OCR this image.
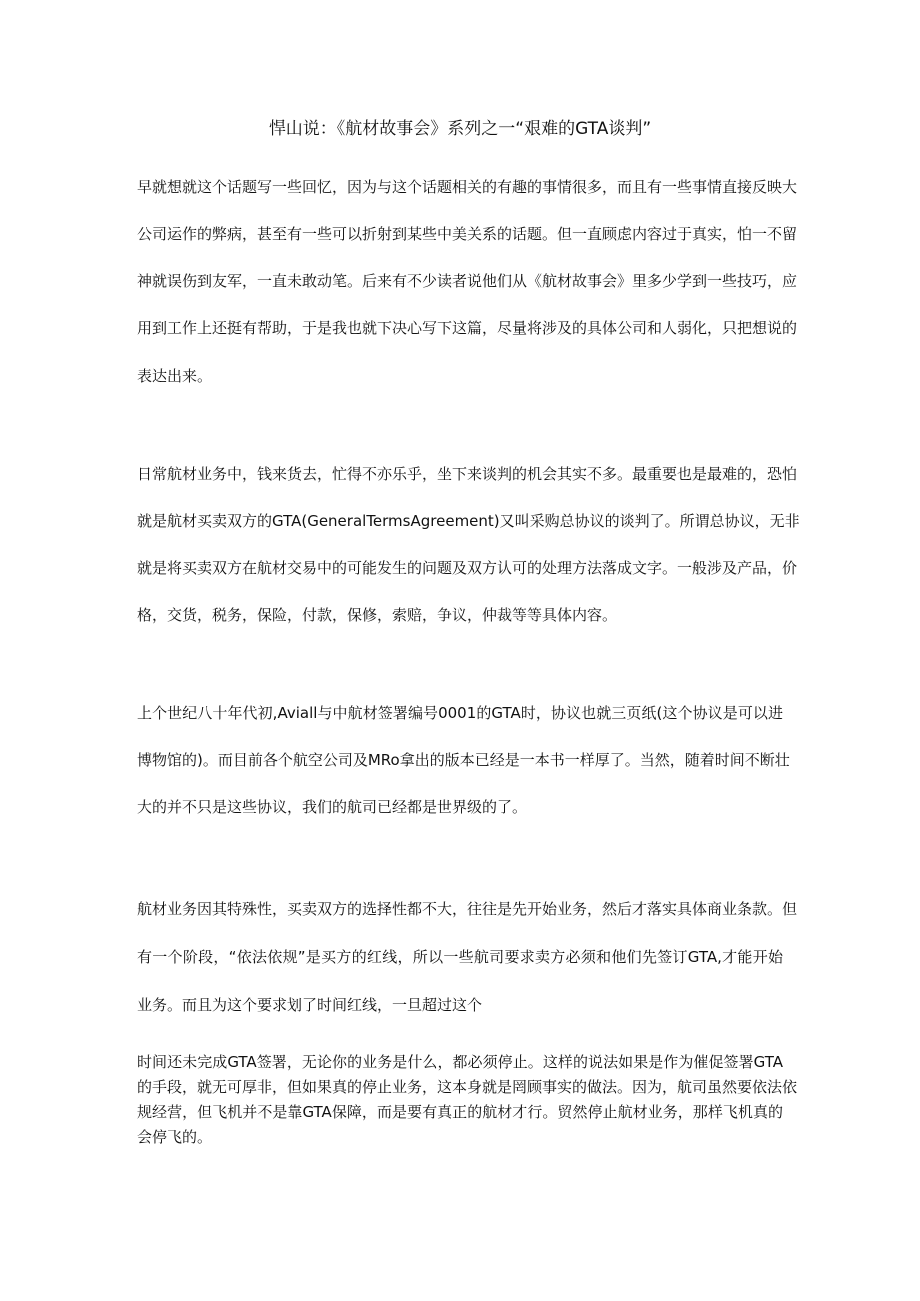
悍山说：《航材故事会》系列之一“艰难的GTA谈判”
早就想就这个话题写一些回忆，因为与这个话题相关的有趣的事情很多，而且有一些事情直接反映大
公司运作的弊病，甚至有一些可以折射到某些中美关系的话题。但一直顾虑内容过于真实，怕一不留
神就误伤到友军，一直未敢动笔。后来有不少读者说他们从《航材故事会》里多少学到一些技巧，应
用到工作上还挺有帮助，于是我也就下决心写下这篇，尽量将涉及的具体公司和人弱化，只把想说的
表达出来。
日常航材业务中，钱来货去，忙得不亦乐乎，坐下来谈判的机会其实不多。最重要也是最难的，恐怕
就是航材买卖双方的GTA(GeneralTermsAgreement)又叫采购总协议的谈判了。所谓总协议，无非
就是将买卖双方在航材交易中的可能发生的问题及双方认可的处理方法落成文字。一般涉及产品，价
格，交货，税务，保险，付款，保修，索赔，争议，仲裁等等具体内容。
上个世纪八十年代初,Aviall与中航材签署编号0001的GTA时，协议也就三页纸(这个协议是可以进
博物馆的)。而目前各个航空公司及MRo拿出的版本已经是一本书一样厚了。当然，随着时间不断壮
大的并不只是这些协议，我们的航司已经都是世界级的了。
航材业务因其特殊性，买卖双方的选择性都不大，往往是先开始业务，然后才落实具体商业条款。但
有一个阶段，“依法依规”是买方的红线，所以一些航司要求卖方必须和他们先签订GTA,才能开始
业务。而且为这个要求划了时间红线，一旦超过这个
时间还未完成GTA签署，无论你的业务是什么，都必须停止。这样的说法如果是作为催促签署GTA
的手段，就无可厚非，但如果真的停止业务，这本身就是罔顾事实的做法。因为，航司虽然要依法依
规经营，但飞机并不是靠GTA保障，而是要有真正的航材才行。贸然停止航材业务，那样飞机真的
会停飞的。
